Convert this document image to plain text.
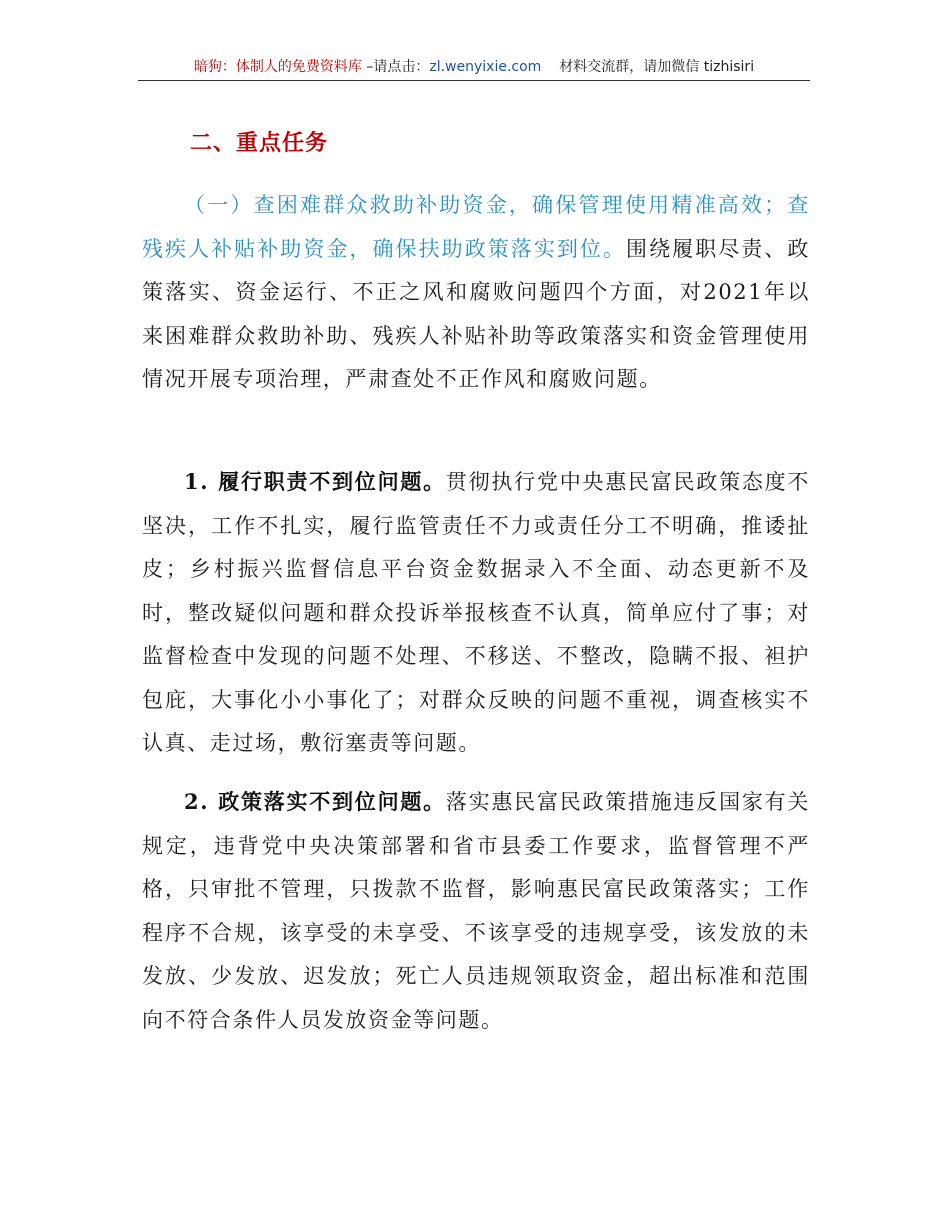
暗狗：体制人的免费资料库 –请点击：zl.wenyixie.com 材料交流群，请加微信 tizhisiri
二、重点任务

（一）查困难群众救助补助资金，确保管理使用精准高效；查残疾人补贴补助资金，确保扶助政策落实到位。围绕履职尽责、政策落实、资金运行、不正之风和腐败问题四个方面，对2021年以来困难群众救助补助、残疾人补贴补助等政策落实和资金管理使用情况开展专项治理，严肃查处不正作风和腐败问题。

1. 履行职责不到位问题。贯彻执行党中央惠民富民政策态度不坚决，工作不扎实，履行监管责任不力或责任分工不明确，推诿扯皮；乡村振兴监督信息平台资金数据录入不全面、动态更新不及时，整改疑似问题和群众投诉举报核查不认真，简单应付了事；对监督检查中发现的问题不处理、不移送、不整改，隐瞒不报、袒护包庇，大事化小小事化了；对群众反映的问题不重视，调查核实不认真、走过场，敷衍塞责等问题。

2. 政策落实不到位问题。落实惠民富民政策措施违反国家有关规定，违背党中央决策部署和省市县委工作要求，监督管理不严格，只审批不管理，只拨款不监督，影响惠民富民政策落实；工作程序不合规，该享受的未享受、不该享受的违规享受，该发放的未发放、少发放、迟发放；死亡人员违规领取资金，超出标准和范围向不符合条件人员发放资金等问题。
